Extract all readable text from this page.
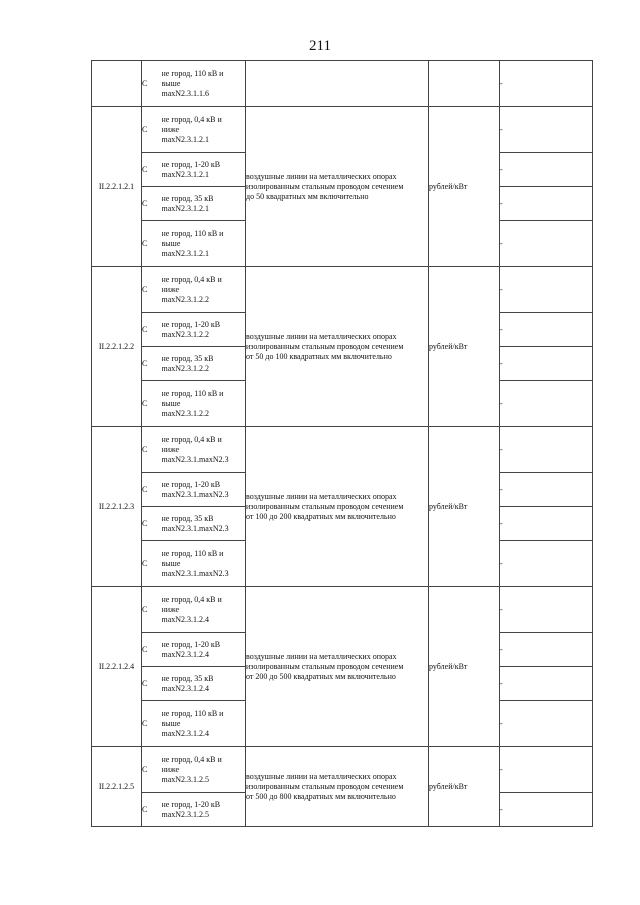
211
	С	не город, 110 кВ и
выше
maxN2.3.1.1.6			-
II.2.2.1.2.1	С	не город, 0,4 кВ и
ниже
maxN2.3.1.2.1	воздушные линии на металлических опорах
изолированным стальным проводом сечением
до 50 квадратных мм включительно	рублей/кВт	-
	С	не город, 1-20 кВ
maxN2.3.1.2.1			-
	С	не город, 35 кВ
maxN2.3.1.2.1			-
	С	не город, 110 кВ и
выше
maxN2.3.1.2.1			-
II.2.2.1.2.2	С	не город, 0,4 кВ и
ниже
maxN2.3.1.2.2	воздушные линии на металлических опорах
изолированным стальным проводом сечением
от 50 до 100 квадратных мм включительно	рублей/кВт	-
	С	не город, 1-20 кВ
maxN2.3.1.2.2			-
	С	не город, 35 кВ
maxN2.3.1.2.2			-
	С	не город, 110 кВ и
выше
maxN2.3.1.2.2			-
II.2.2.1.2.3	С	не город, 0,4 кВ и
ниже
maxN2.3.1.maxN2.3	воздушные линии на металлических опорах
изолированным стальным проводом сечением
от 100 до 200 квадратных мм включительно	рублей/кВт	-
	С	не город, 1-20 кВ
maxN2.3.1.maxN2.3			-
	С	не город, 35 кВ
maxN2.3.1.maxN2.3			-
	С	не город, 110 кВ и
выше
maxN2.3.1.maxN2.3			-
II.2.2.1.2.4	С	не город, 0,4 кВ и
ниже
maxN2.3.1.2.4	воздушные линии на металлических опорах
изолированным стальным проводом сечением
от 200 до 500 квадратных мм включительно	рублей/кВт	-
	С	не город, 1-20 кВ
maxN2.3.1.2.4			-
	С	не город, 35 кВ
maxN2.3.1.2.4			-
	С	не город, 110 кВ и
выше
maxN2.3.1.2.4			-
II.2.2.1.2.5	С	не город, 0,4 кВ и
ниже
maxN2.3.1.2.5	воздушные линии на металлических опорах
изолированным стальным проводом сечением
от 500 до 800 квадратных мм включительно	рублей/кВт	-
	С	не город, 1-20 кВ
maxN2.3.1.2.5			-
